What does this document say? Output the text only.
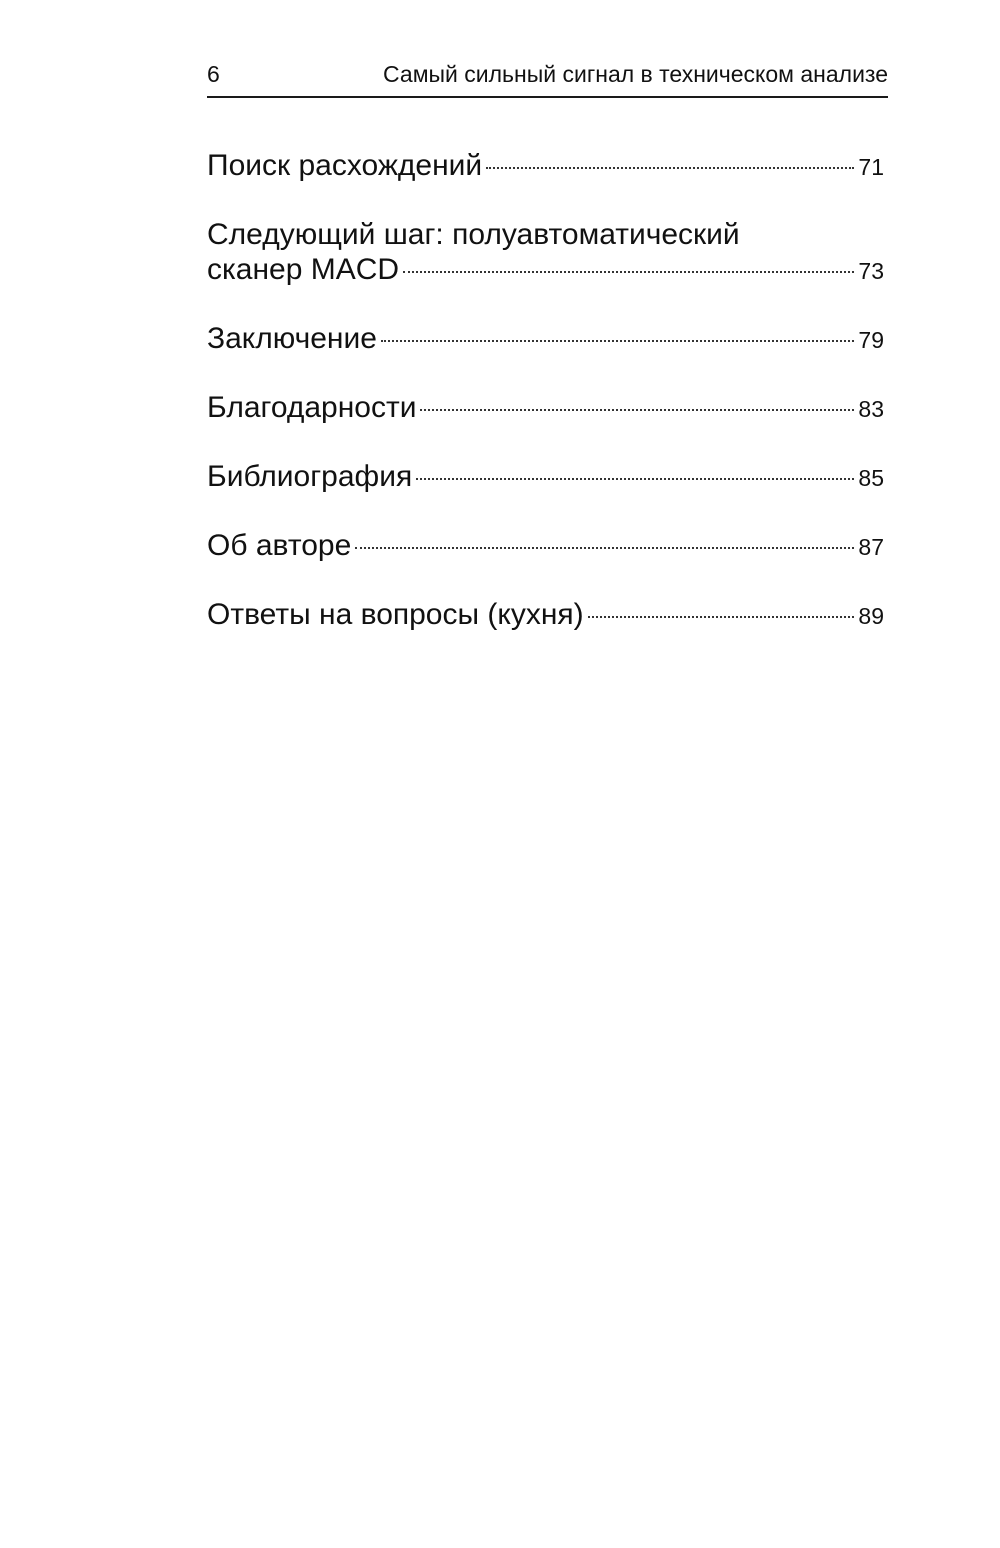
6	Самый сильный сигнал в техническом анализе
Поиск расхождений	71
Следующий шаг: полуавтоматический
сканер MACD	73
Заключение	79
Благодарности	83
Библиография	85
Об авторе	87
Ответы на вопросы (кухня)	89
